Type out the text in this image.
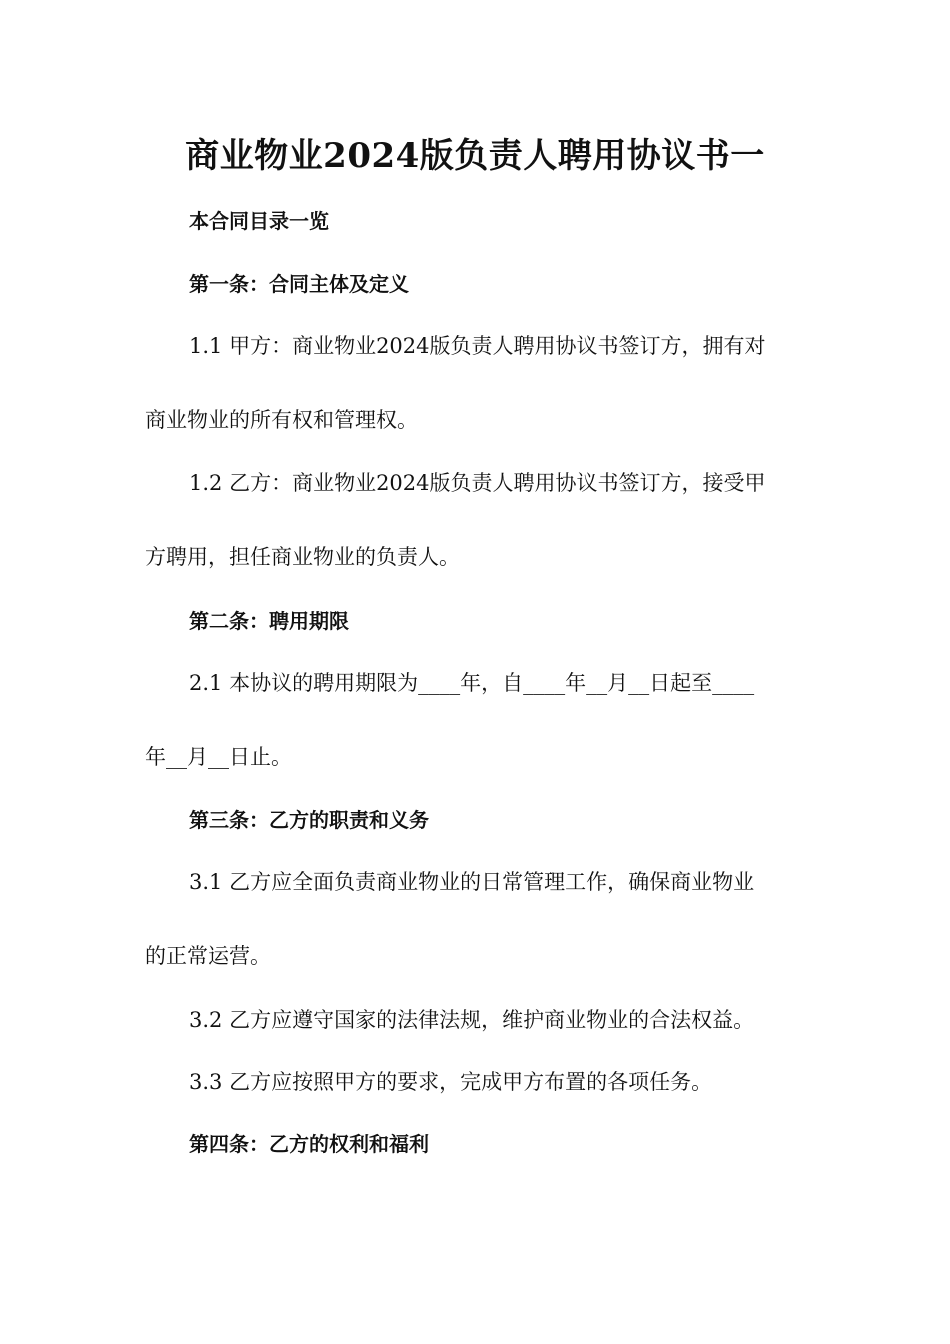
商业物业2024版负责人聘用协议书一
本合同目录一览
第一条：合同主体及定义
1.1 甲方：商业物业2024版负责人聘用协议书签订方，拥有对
商业物业的所有权和管理权。
1.2 乙方：商业物业2024版负责人聘用协议书签订方，接受甲
方聘用，担任商业物业的负责人。
第二条：聘用期限
2.1 本协议的聘用期限为____年，自____年__月__日起至____
年__月__日止。
第三条：乙方的职责和义务
3.1 乙方应全面负责商业物业的日常管理工作，确保商业物业
的正常运营。
3.2 乙方应遵守国家的法律法规，维护商业物业的合法权益。
3.3 乙方应按照甲方的要求，完成甲方布置的各项任务。
第四条：乙方的权利和福利
